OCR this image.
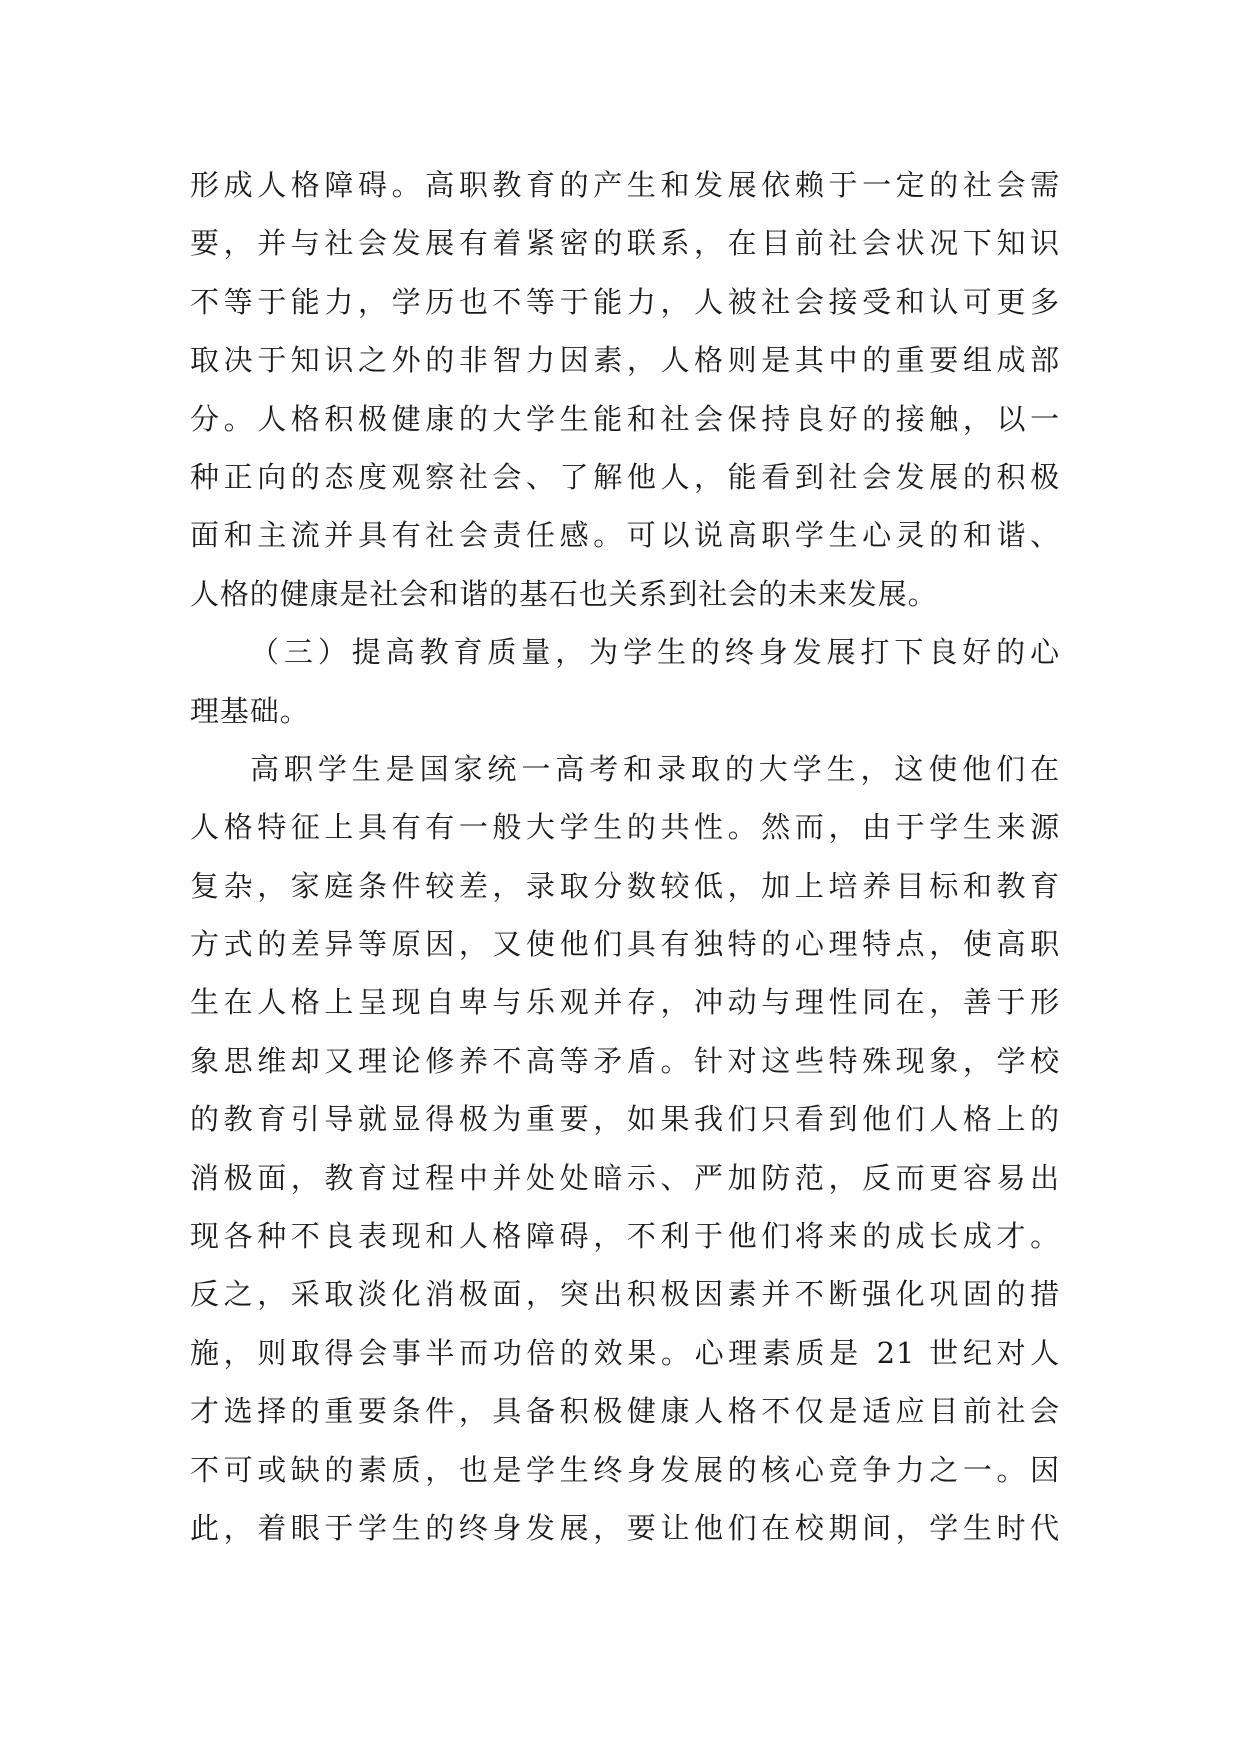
形成人格障碍。高职教育的产生和发展依赖于一定的社会需
要，并与社会发展有着紧密的联系，在目前社会状况下知识
不等于能力，学历也不等于能力，人被社会接受和认可更多
取决于知识之外的非智力因素，人格则是其中的重要组成部
分。人格积极健康的大学生能和社会保持良好的接触，以一
种正向的态度观察社会、了解他人，能看到社会发展的积极
面和主流并具有社会责任感。可以说高职学生心灵的和谐、
人格的健康是社会和谐的基石也关系到社会的未来发展。
（三）提高教育质量，为学生的终身发展打下良好的心
理基础。
高职学生是国家统一高考和录取的大学生，这使他们在
人格特征上具有有一般大学生的共性。然而，由于学生来源
复杂，家庭条件较差，录取分数较低，加上培养目标和教育
方式的差异等原因，又使他们具有独特的心理特点，使高职
生在人格上呈现自卑与乐观并存，冲动与理性同在，善于形
象思维却又理论修养不高等矛盾。针对这些特殊现象，学校
的教育引导就显得极为重要，如果我们只看到他们人格上的
消极面，教育过程中并处处暗示、严加防范，反而更容易出
现各种不良表现和人格障碍，不利于他们将来的成长成才。
反之，采取淡化消极面，突出积极因素并不断强化巩固的措
施，则取得会事半而功倍的效果。心理素质是 21 世纪对人
才选择的重要条件，具备积极健康人格不仅是适应目前社会
不可或缺的素质，也是学生终身发展的核心竞争力之一。因
此，着眼于学生的终身发展，要让他们在校期间，学生时代
